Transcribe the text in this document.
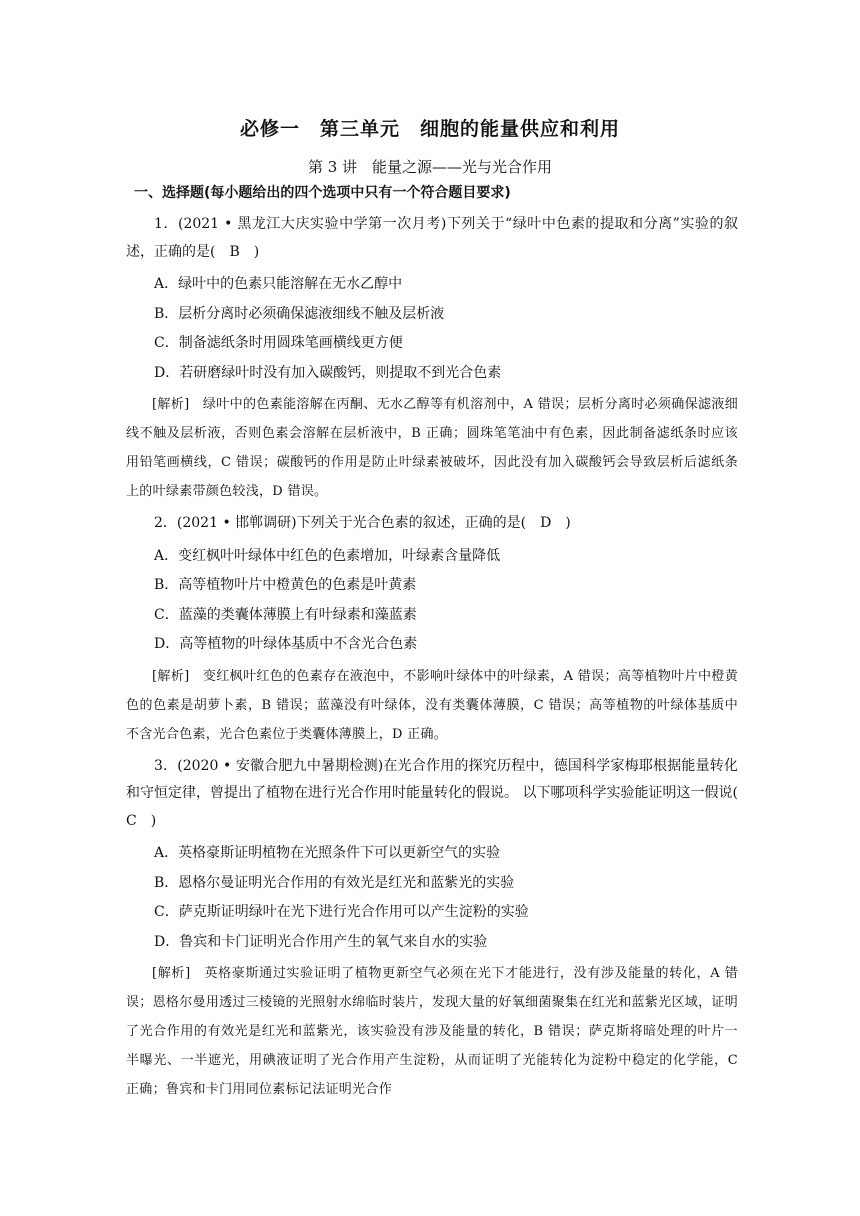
必修一　第三单元　细胞的能量供应和利用
第 3 讲　能量之源——光与光合作用
一、选择题(每小题给出的四个选项中只有一个符合题目要求)
1．(2021 • 黑龙江大庆实验中学第一次月考)下列关于“绿叶中色素的提取和分离”实验的叙述，正确的是(　B　)
A．绿叶中的色素只能溶解在无水乙醇中
B．层析分离时必须确保滤液细线不触及层析液
C．制备滤纸条时用圆珠笔画横线更方便
D．若研磨绿叶时没有加入碳酸钙，则提取不到光合色素
[解析]　绿叶中的色素能溶解在丙酮、无水乙醇等有机溶剂中，A 错误；层析分离时必须确保滤液细线不触及层析液，否则色素会溶解在层析液中，B 正确；圆珠笔笔油中有色素，因此制备滤纸条时应该用铅笔画横线，C 错误；碳酸钙的作用是防止叶绿素被破坏，因此没有加入碳酸钙会导致层析后滤纸条上的叶绿素带颜色较浅，D 错误。
2．(2021 • 邯郸调研)下列关于光合色素的叙述，正确的是(　D　)
A．变红枫叶叶绿体中红色的色素增加，叶绿素含量降低
B．高等植物叶片中橙黄色的色素是叶黄素
C．蓝藻的类囊体薄膜上有叶绿素和藻蓝素
D．高等植物的叶绿体基质中不含光合色素
[解析]　变红枫叶红色的色素存在液泡中，不影响叶绿体中的叶绿素，A 错误；高等植物叶片中橙黄色的色素是胡萝卜素，B 错误；蓝藻没有叶绿体，没有类囊体薄膜，C 错误；高等植物的叶绿体基质中不含光合色素，光合色素位于类囊体薄膜上，D 正确。
3．(2020 • 安徽合肥九中暑期检测)在光合作用的探究历程中，德国科学家梅耶根据能量转化和守恒定律，曾提出了植物在进行光合作用时能量转化的假说。 以下哪项科学实验能证明这一假说(　C　)
A．英格豪斯证明植物在光照条件下可以更新空气的实验
B．恩格尔曼证明光合作用的有效光是红光和蓝紫光的实验
C．萨克斯证明绿叶在光下进行光合作用可以产生淀粉的实验
D．鲁宾和卡门证明光合作用产生的氧气来自水的实验
[解析]　英格豪斯通过实验证明了植物更新空气必须在光下才能进行，没有涉及能量的转化，A 错误；恩格尔曼用透过三棱镜的光照射水绵临时装片，发现大量的好氧细菌聚集在红光和蓝紫光区域，证明了光合作用的有效光是红光和蓝紫光，该实验没有涉及能量的转化，B 错误；萨克斯将暗处理的叶片一半曝光、一半遮光，用碘液证明了光合作用产生淀粉，从而证明了光能转化为淀粉中稳定的化学能，C 正确；鲁宾和卡门用同位素标记法证明光合作
